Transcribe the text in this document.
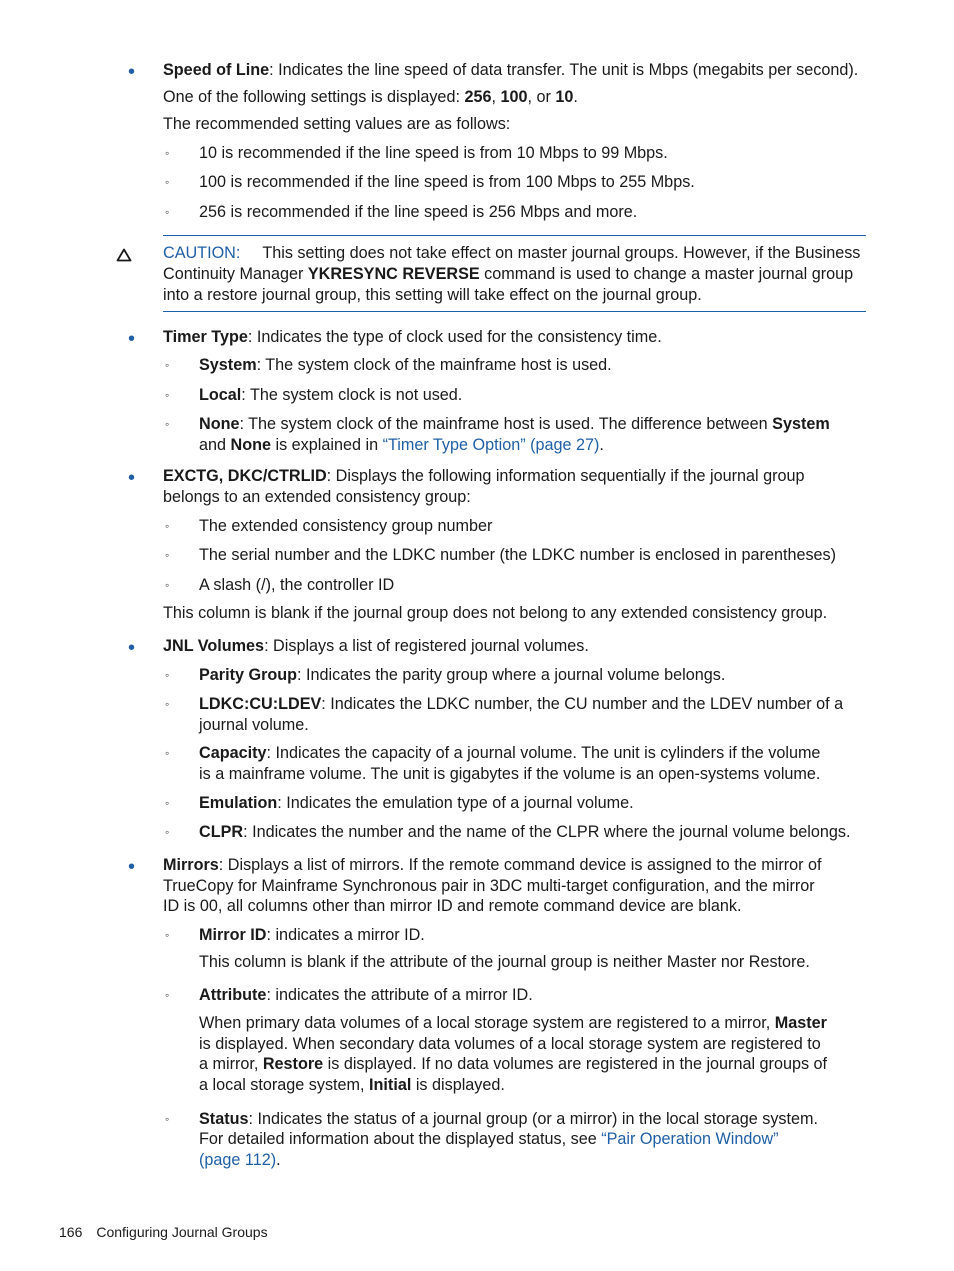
• Speed of Line: Indicates the line speed of data transfer. The unit is Mbps (megabits per second).
One of the following settings is displayed: 256, 100, or 10.
The recommended setting values are as follows:
◦ 10 is recommended if the line speed is from 10 Mbps to 99 Mbps.
◦ 100 is recommended if the line speed is from 100 Mbps to 255 Mbps.
◦ 256 is recommended if the line speed is 256 Mbps and more.
CAUTION: This setting does not take effect on master journal groups. However, if the Business
Continuity Manager YKRESYNC REVERSE command is used to change a master journal group
into a restore journal group, this setting will take effect on the journal group.
• Timer Type: Indicates the type of clock used for the consistency time.
◦ System: The system clock of the mainframe host is used.
◦ Local: The system clock is not used.
◦ None: The system clock of the mainframe host is used. The difference between System
and None is explained in “Timer Type Option” (page 27).
• EXCTG, DKC/CTRLID: Displays the following information sequentially if the journal group
belongs to an extended consistency group:
◦ The extended consistency group number
◦ The serial number and the LDKC number (the LDKC number is enclosed in parentheses)
◦ A slash (/), the controller ID
This column is blank if the journal group does not belong to any extended consistency group.
• JNL Volumes: Displays a list of registered journal volumes.
◦ Parity Group: Indicates the parity group where a journal volume belongs.
◦ LDKC:CU:LDEV: Indicates the LDKC number, the CU number and the LDEV number of a
journal volume.
◦ Capacity: Indicates the capacity of a journal volume. The unit is cylinders if the volume
is a mainframe volume. The unit is gigabytes if the volume is an open-systems volume.
◦ Emulation: Indicates the emulation type of a journal volume.
◦ CLPR: Indicates the number and the name of the CLPR where the journal volume belongs.
• Mirrors: Displays a list of mirrors. If the remote command device is assigned to the mirror of
TrueCopy for Mainframe Synchronous pair in 3DC multi-target configuration, and the mirror
ID is 00, all columns other than mirror ID and remote command device are blank.
◦ Mirror ID: indicates a mirror ID.
This column is blank if the attribute of the journal group is neither Master nor Restore.
◦ Attribute: indicates the attribute of a mirror ID.
When primary data volumes of a local storage system are registered to a mirror, Master
is displayed. When secondary data volumes of a local storage system are registered to
a mirror, Restore is displayed. If no data volumes are registered in the journal groups of
a local storage system, Initial is displayed.
◦ Status: Indicates the status of a journal group (or a mirror) in the local storage system.
For detailed information about the displayed status, see “Pair Operation Window”
(page 112).
166 Configuring Journal Groups
